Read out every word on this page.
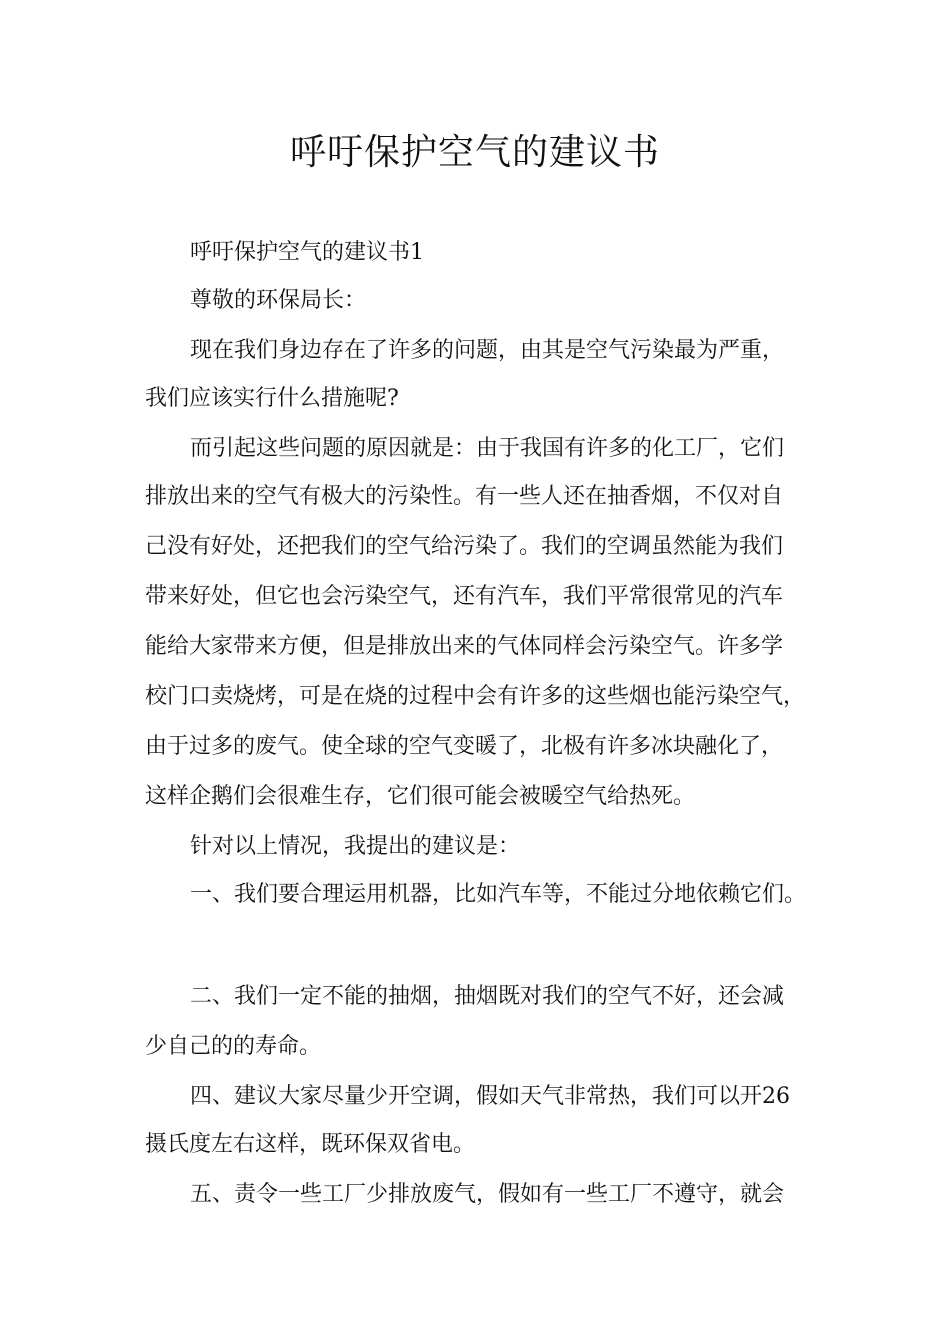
呼吁保护空气的建议书

呼吁保护空气的建议书1

尊敬的环保局长：

现在我们身边存在了许多的问题，由其是空气污染最为严重，

我们应该实行什么措施呢?

而引起这些问题的原因就是：由于我国有许多的化工厂，它们

排放出来的空气有极大的污染性。有一些人还在抽香烟，不仅对自

己没有好处，还把我们的空气给污染了。我们的空调虽然能为我们

带来好处，但它也会污染空气，还有汽车，我们平常很常见的汽车

能给大家带来方便，但是排放出来的气体同样会污染空气。许多学

校门口卖烧烤，可是在烧的过程中会有许多的这些烟也能污染空气，

由于过多的废气。使全球的空气变暖了，北极有许多冰块融化了，

这样企鹅们会很难生存，它们很可能会被暖空气给热死。

针对以上情况，我提出的建议是：

一、我们要合理运用机器，比如汽车等，不能过分地依赖它们。

二、我们一定不能的抽烟，抽烟既对我们的空气不好，还会减

少自己的的寿命。

四、建议大家尽量少开空调，假如天气非常热，我们可以开26

摄氏度左右这样，既环保双省电。

五、责令一些工厂少排放废气，假如有一些工厂不遵守，就会
